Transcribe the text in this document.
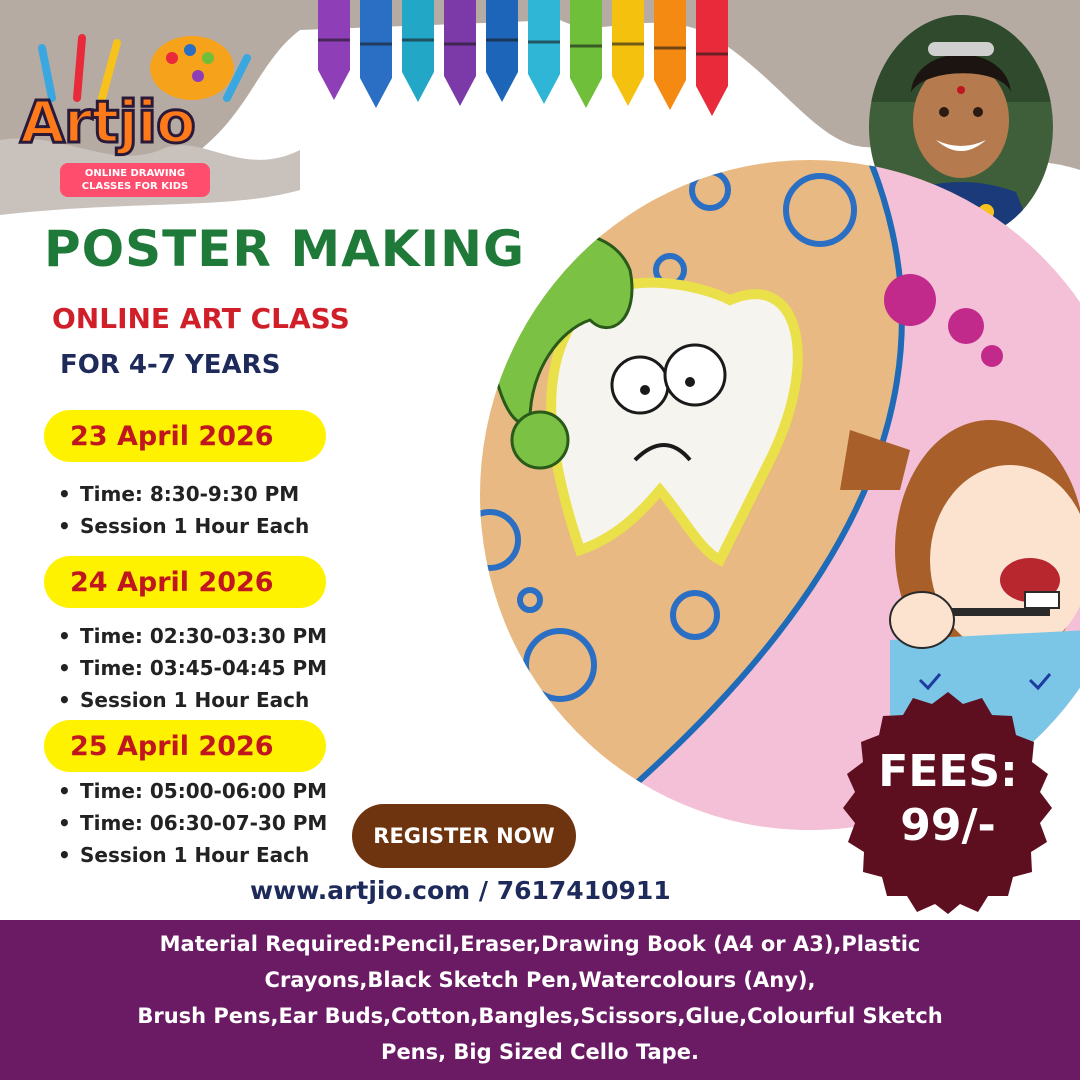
Artjio
ONLINE DRAWING
CLASSES FOR KIDS
POSTER MAKING
ONLINE ART CLASS
FOR 4-7 YEARS
23 April 2026
• Time: 8:30-9:30 PM
• Session 1 Hour Each
24 April 2026
• Time: 02:30-03:30 PM
• Time: 03:45-04:45 PM
• Session 1 Hour Each
25 April 2026
• Time: 05:00-06:00 PM
• Time: 06:30-07-30 PM
• Session 1 Hour Each
REGISTER NOW
www.artjio.com / 7617410911
FEES:
99/-
Material Required:Pencil,Eraser,Drawing Book (A4 or A3),Plastic
Crayons,Black Sketch Pen,Watercolours (Any),
Brush Pens,Ear Buds,Cotton,Bangles,Scissors,Glue,Colourful Sketch
Pens, Big Sized Cello Tape.
